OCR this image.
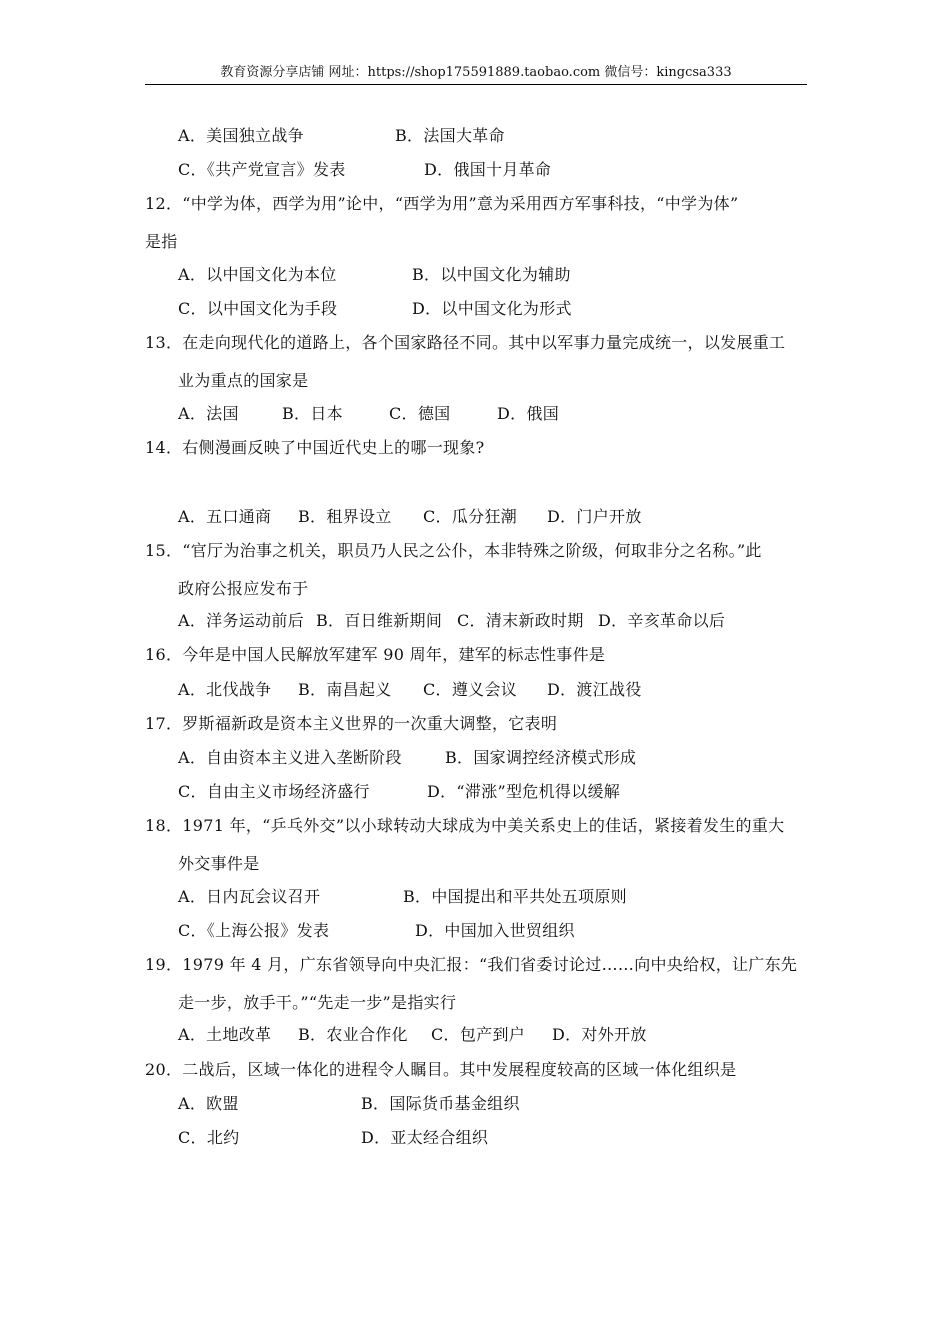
教育资源分享店铺 网址：https://shop175591889.taobao.com 微信号：kingcsa333
A．美国独立战争	B．法国大革命
C．《共产党宣言》发表	D．俄国十月革命
12．“中学为体，西学为用”论中，“西学为用”意为采用西方军事科技，“中学为体”
是指
A．以中国文化为本位	B．以中国文化为辅助
C．以中国文化为手段	D．以中国文化为形式
13．在走向现代化的道路上，各个国家路径不同。其中以军事力量完成统一，以发展重工
业为重点的国家是
A．法国	B．日本	C．德国	D．俄国
14．右侧漫画反映了中国近代史上的哪一现象?
A．五口通商 B．租界设立 C．瓜分狂潮 D．门户开放
15．“官厅为治事之机关，职员乃人民之公仆，本非特殊之阶级，何取非分之名称。”此
政府公报应发布于
A．洋务运动前后 B．百日维新期间 C．清末新政时期 D．辛亥革命以后
16．今年是中国人民解放军建军 90 周年，建军的标志性事件是
A．北伐战争 B．南昌起义 C．遵义会议 D．渡江战役
17．罗斯福新政是资本主义世界的一次重大调整，它表明
A．自由资本主义进入垄断阶段	B．国家调控经济模式形成
C．自由主义市场经济盛行	D．“滞涨”型危机得以缓解
18．1971 年，“乒乓外交”以小球转动大球成为中美关系史上的佳话，紧接着发生的重大
外交事件是
A．日内瓦会议召开	B．中国提出和平共处五项原则
C．《上海公报》发表	D．中国加入世贸组织
19．1979 年 4 月，广东省领导向中央汇报：“我们省委讨论过……向中央给权，让广东先
走一步，放手干。”“先走一步”是指实行
A．土地改革 B．农业合作化 C．包产到户 D．对外开放
20．二战后，区域一体化的进程令人瞩目。其中发展程度较高的区域一体化组织是
A．欧盟	B．国际货币基金组织
C．北约	D．亚太经合组织
